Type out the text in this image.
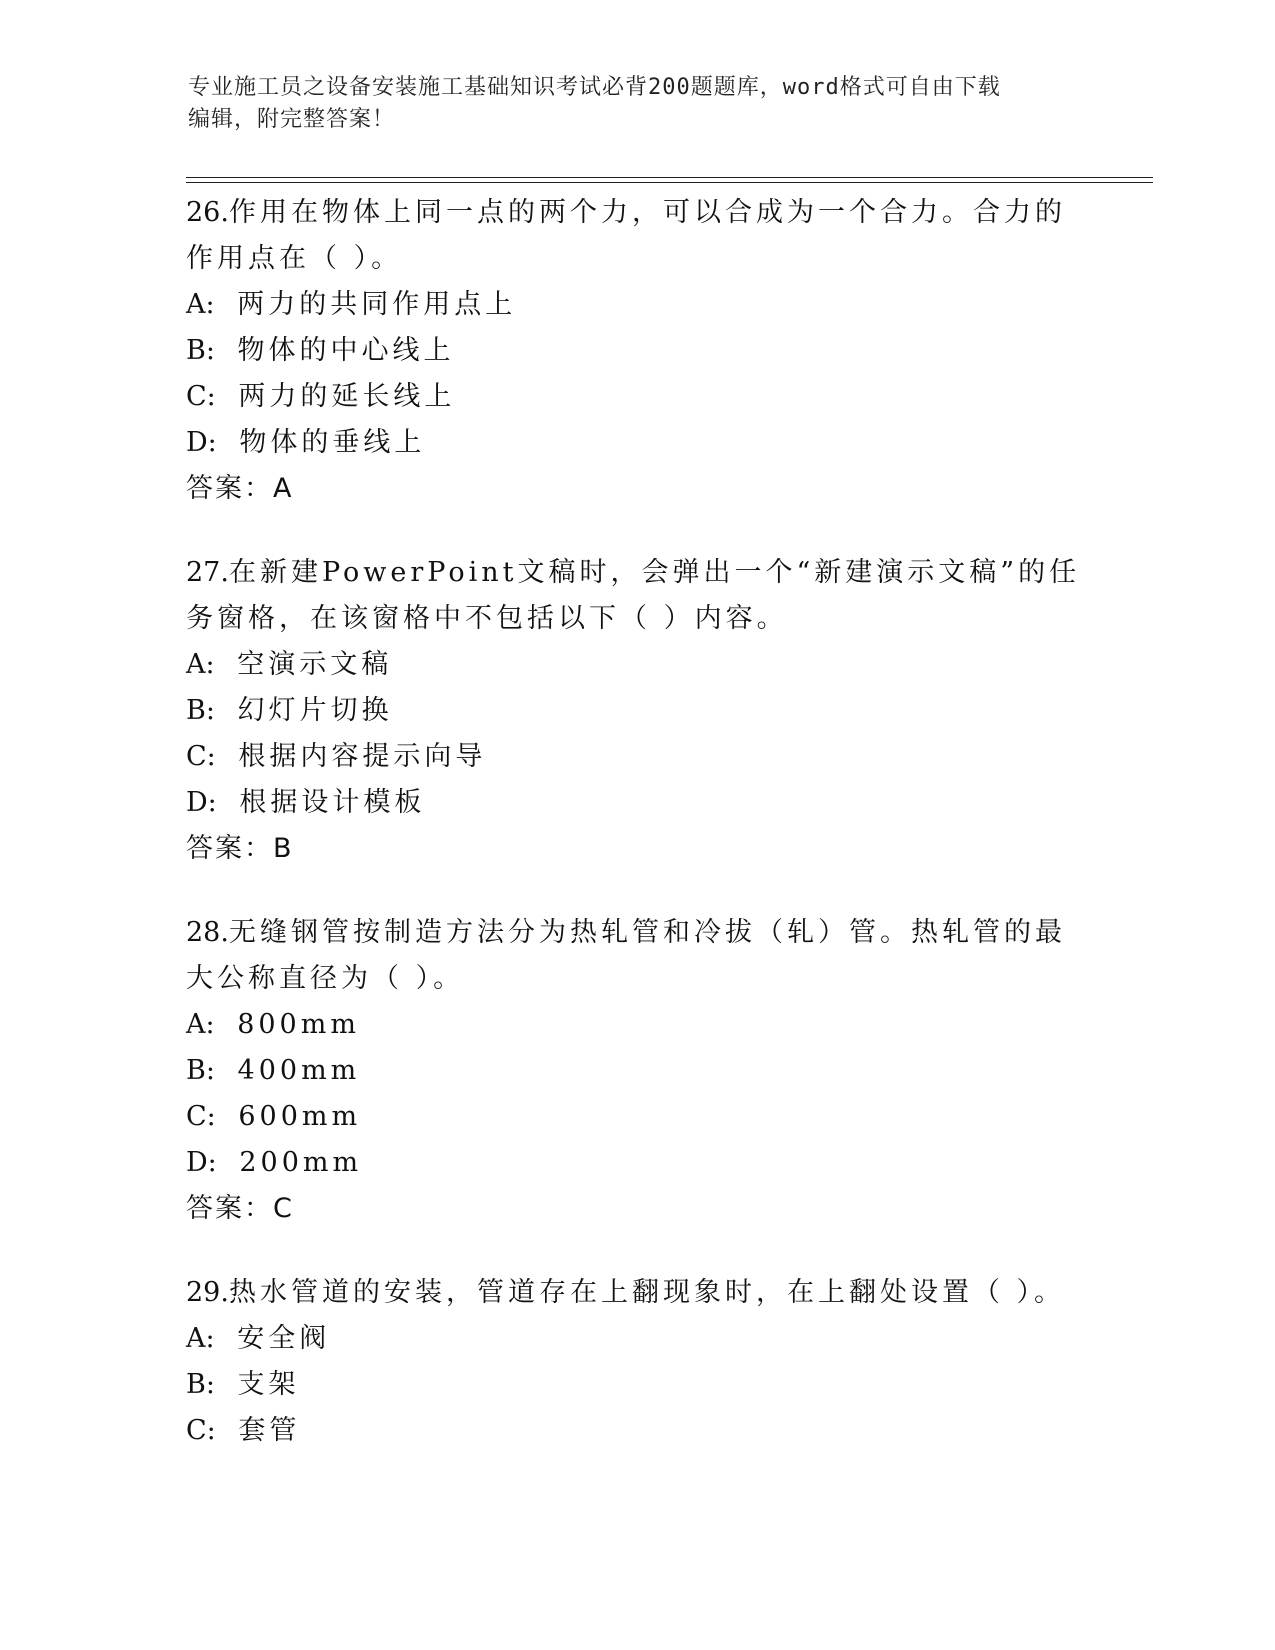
专业施工员之设备安装施工基础知识考试必背200题题库，word格式可自由下载
编辑，附完整答案！
26.作用在物体上同一点的两个力，可以合成为一个合力。合力的作用点在（ ）。
A: 两力的共同作用点上
B: 物体的中心线上
C: 两力的延长线上
D: 物体的垂线上
答案：A
27.在新建PowerPoint文稿时，会弹出一个“新建演示文稿”的任务窗格，在该窗格中不包括以下（ ）内容。
A: 空演示文稿
B: 幻灯片切换
C: 根据内容提示向导
D: 根据设计模板
答案：B
28.无缝钢管按制造方法分为热轧管和冷拔（轧）管。热轧管的最大公称直径为（ ）。
A: 800mm
B: 400mm
C: 600mm
D: 200mm
答案：C
29.热水管道的安装，管道存在上翻现象时，在上翻处设置（ ）。
A: 安全阀
B: 支架
C: 套管
